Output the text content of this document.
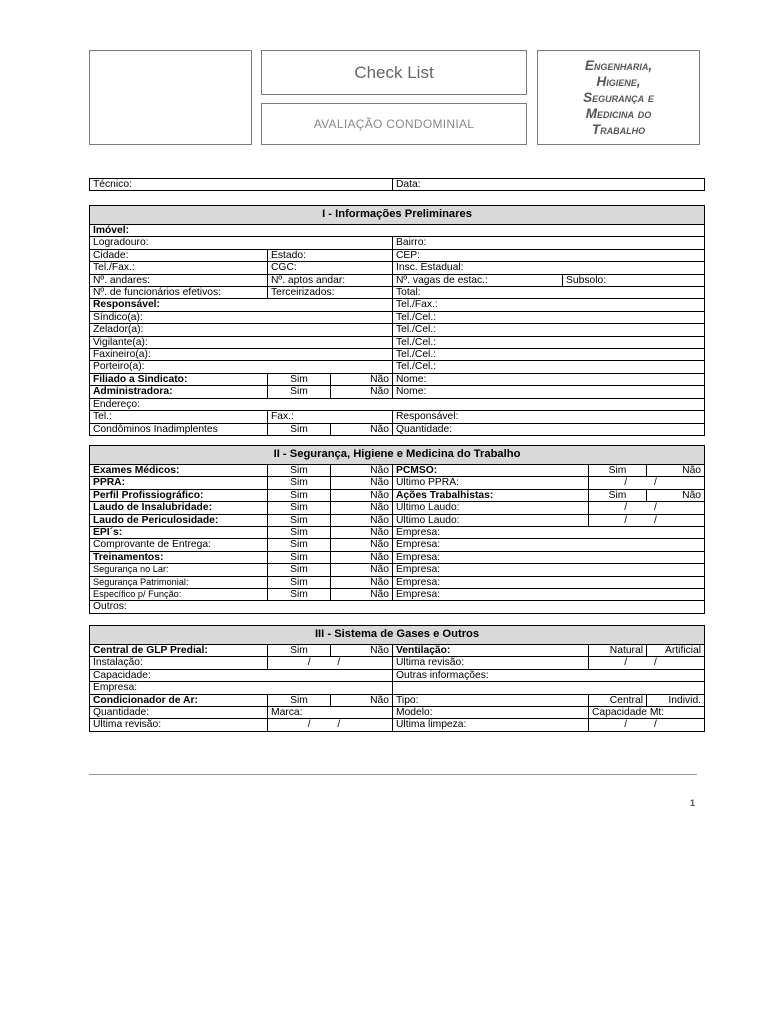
Check List
AVALIAÇÃO CONDOMINIAL
Engenharia,
Higiene,
Segurança e
Medicina do
Trabalho
Técnico:	Data:
I - Informações Preliminares				
Imóvel:				
Logradouro:			Bairro:	
Cidade:	Estado:		CEP:	
Tel./Fax.:	CGC:		Insc. Estadual:	
Nº. andares:	Nº. aptos andar:		Nº. vagas de estac.:	Subsolo:
Nº. de funcionários efetivos:	Terceirizados:		Total:	
Responsável:			Tel./Fax.:	
Síndico(a):			Tel./Cel.:	
Zelador(a):			Tel./Cel.:	
Vigilante(a):			Tel./Cel.:	
Faxineiro(a):			Tel./Cel.:	
Porteiro(a):			Tel./Cel.:	
Filiado a Sindicato:	Sim	Não	Nome:	
Administradora:	Sim	Não	Nome:	
Endereço:				
Tel.:	Fax.:		Responsável:	
Condôminos Inadimplentes	Sim	Não	Quantidade:	
II - Segurança, Higiene e Medicina do Trabalho					
Exames Médicos:	Sim	Não	PCMSO:	Sim	Não
PPRA:	Sim	Não	Ultimo PPRA:	/ /	
Perfil Profissiográfico:	Sim	Não	Ações Trabalhistas:	Sim	Não
Laudo de Insalubridade:	Sim	Não	Ultimo Laudo:	/ /	
Laudo de Periculosidade:	Sim	Não	Ultimo Laudo:	/ /	
EPI´s:	Sim	Não	Empresa:		
Comprovante de Entrega:	Sim	Não	Empresa:		
Treinamentos:	Sim	Não	Empresa:		
Segurança no Lar:	Sim	Não	Empresa:		
Segurança Patrimonial:	Sim	Não	Empresa:		
Específico p/ Função:	Sim	Não	Empresa:		
Outros:					
III - Sistema de Gases e Outros					
Central de GLP Predial:	Sim	Não	Ventilação:	Natural	Artificial
Instalação:	/ /		Ultima revisão:	/ /	
Capacidade:			Outras informações:		
Empresa:					
Condicionador de Ar:	Sim	Não	Tipo:	Central	Individ.
Quantidade:	Marca:		Modelo:	Capacidade Mt:	
Ultima revisão:	/ /		Ultima limpeza:	/ /	
1
